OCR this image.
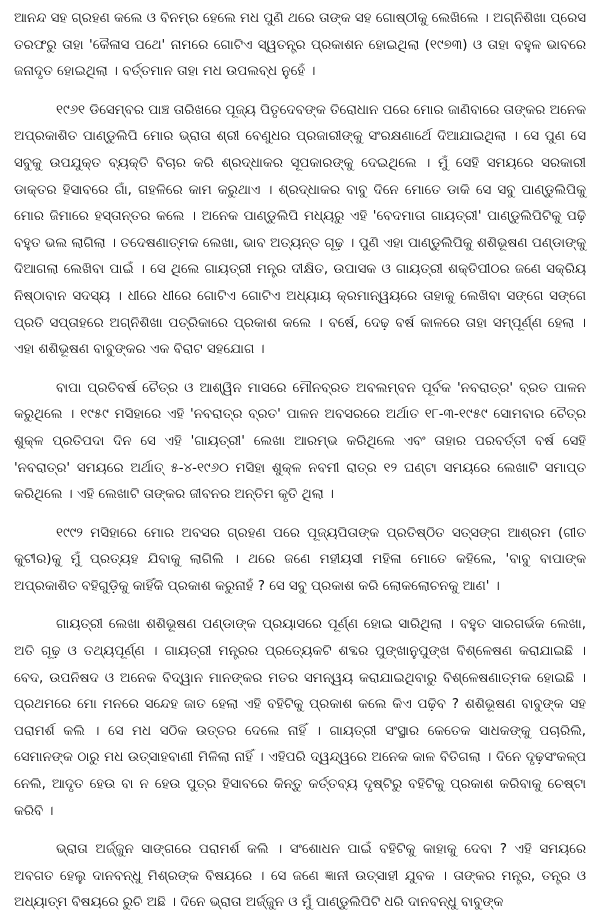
ଆନନ୍ଦ ସହ ଗ୍ରହଣ କଲେ ଓ ବିନମ୍ର ହେଲେ ମଧ ପୁଣି ଥରେ ତାଙ୍କ ସହ ଗୋଷ୍ଠୀକୁ ଲେଖିଲେ । ଅଗ୍ନିଶିଖା ପ୍ରେସ ତରଫରୁ ତାହା 'କୈଳାସ ପଥେ' ନାମରେ ଗୋଟିଏ ସ୍ୱତନ୍ତ୍ର ପ୍ରକାଶନ ହୋଇଥିଲା (୧୯୭୩) ଓ ତାହା ବହୁଳ ଭାବରେ ଜନାଦୃତ ହୋଇଥିଲା । ବର୍ତ୍ତମାନ ତାହା ମଧ ଉପଲବ୍ଧ ନୁହେଁ ।

୧୯୬୧ ଡିସେମ୍ବର ପାଞ୍ଚ ତାରିଖରେ ପୂଜ୍ୟ ପିତୃଦେବଙ୍କ ତିରୋଧାନ ପରେ ମୋର ଜାଣିବାରେ ତାଙ୍କର ଅନେକ ଅପ୍ରକାଶିତ ପାଣ୍ଡୁଲିପି ମୋର ଭ୍ରାତା ଶ୍ରୀ ବେଣୁଧର ପ୍ରଜାରୀଙ୍କୁ ସଂରକ୍ଷଣାର୍ଥେ ଦିଆଯାଇଥିଲା । ସେ ପୁଣ ସେ ସବୁକୁ ଉପଯୁକ୍ତ ବ୍ୟକ୍ତି ବିଚାର କରି ଶ୍ରଦ୍ଧାକର ସୂପକାରଙ୍କୁ ଦେଇଥିଲେ । ମୁଁ ସେହି ସମୟରେ ସରକାରୀ ଡାକ୍ତର ହିସାବରେ ଗାଁ, ଗହଳିରେ କାମ କରୁଥାଏ । ଶ୍ରଦ୍ଧାକର ବାବୁ ଦିନେ ମୋତେ ଡାକି ସେ ସବୁ ପାଣ୍ଡୁଲିପିକୁ ମୋର ଜିମାରେ ହସ୍ତାନ୍ତର କଲେ । ଅନେକ ପାଣ୍ଡୁଲିପି ମଧ୍ୟରୁ ଏହି 'ବେଦମାତା ଗାୟତ୍ରୀ' ପାଣ୍ଡୁଲିପିଟିକୁ ପଢ଼ି ବହୁତ ଭଲ ଲାଗିଲା । ତଦେଷଣାତ୍ମକ ଲେଖା, ଭାବ ଅତ୍ୟନ୍ତ ଗୂଢ଼ । ପୁଣି ଏହା ପାଣ୍ଡୁଲିପିକୁ ଶଶିଭୂଷଣ ପଣ୍ଡାଙ୍କୁ ଦିଆଗଲା ଲେଖିବା ପାଇଁ । ସେ ଥିଲେ ଗାୟତ୍ରୀ ମନ୍ତ୍ର ଦୀକ୍ଷିତ, ଉପାସକ ଓ ଗାୟତ୍ରୀ ଶକ୍ତିପୀଠର ଜଣେ ସକ୍ରିୟ ନିଷ୍ଠାବାନ ସଦସ୍ୟ । ଧୀରେ ଧୀରେ ଗୋଟିଏ ଗୋଟିଏ ଅଧ୍ୟାୟ କ୍ରମାନ୍ୱୟରେ ତାହାକୁ ଲେଖିବା ସଙ୍ଗେ ସଙ୍ଗେ ପ୍ରତି ସପ୍ତାହରେ ଅଗ୍ନିଶିଖା ପତ୍ରିକାରେ ପ୍ରକାଶ କଲେ । ବର୍ଷେ, ଦେଢ଼ ବର୍ଷ କାଳରେ ତାହା ସମ୍ପୂର୍ଣ୍ଣ ହେଲା । ଏହା ଶଶିଭୂଷଣ ବାବୁଙ୍କର ଏକ ବିରାଟ ସହଯୋଗ ।

ବାପା ପ୍ରତିବର୍ଷ ଚୈତ୍ର ଓ ଆଶ୍ୱିନ ମାସରେ ମୌନବ୍ରତ ଅବଲମ୍ବନ ପୂର୍ବକ 'ନବରାତ୍ର' ବ୍ରତ ପାଳନ କରୁଥିଲେ । ୧୯୫୯ ମସିହାରେ ଏହି 'ନବରାତ୍ର ବ୍ରତ' ପାଳନ ଅବସରରେ ଅର୍ଥାତ ୧୮-୩-୧୯୫୯ ସୋମବାର ଚୈତ୍ର ଶୁକ୍ଳ ପ୍ରତିପଦା ଦିନ ସେ ଏହି 'ଗାୟତ୍ରୀ' ଲେଖା ଆରମ୍ଭ କରିଥିଲେ ଏବଂ ତାହାର ପରବର୍ତ୍ତୀ ବର୍ଷ ସେହି 'ନବରାତ୍ର' ସମୟରେ ଅର୍ଥାତ୍ ୫-୪-୧୯୬୦ ମସିହା ଶୁକ୍ଳ ନବମୀ ରାତ୍ର ୧୨ ଘଣ୍ଟା ସମୟରେ ଲେଖାଟି ସମାପ୍ତ କରିଥିଲେ । ଏହି ଲେଖାଟି ତାଙ୍କର ଜୀବନର ଅନ୍ତିମ କୃତି ଥିଲା ।

୧୯୯୨ ମସିହାରେ ମୋର ଅବସର ଗ୍ରହଣ ପରେ ପୂଜ୍ୟପିତାଙ୍କ ପ୍ରତିଷ୍ଠିତ ସତ୍‌ସଙ୍ଗ ଆଶ୍ରମ (ଗୀତ କୁଟୀର)କୁ ମୁଁ ପ୍ରତ୍ୟହ ଯିବାକୁ ଲାଗିଲି । ଥରେ ଜଣେ ମହୀୟସୀ ମହିଳା ମୋତେ କହିଲେ, 'ବାବୁ ବାପାଙ୍କ ଅପ୍ରକାଶିତ ବହିଗୁଡ଼ିକୁ କାହିଁକି ପ୍ରକାଶ କରୁନାହଁ ? ସେ ସବୁ ପ୍ରକାଶ କରି ଲୋକଲୋଚନକୁ ଆଣ' ।

ଗାୟତ୍ରୀ ଲେଖା ଶଶିଭୂଷଣ ପଣ୍ଡାଙ୍କ ପ୍ରୟାସରେ ପୂର୍ଣ୍ଣ ହୋଇ ସାରିଥିଲା । ବହୁତ ସାରଗର୍ଭକ ଲେଖା, ଅତି ଗୂଢ଼ ଓ ତଥ୍ୟପୂର୍ଣ୍ଣ । ଗାୟତ୍ରୀ ମନ୍ତ୍ରର ପ୍ରତ୍ୟେକଟି ଶବ୍ଦର ପୁଙ୍ଖାନୁପୁଙ୍ଖ ବିଶ୍ଳେଷଣ କରାଯାଇଛି । ବେଦ, ଉପନିଷଦ ଓ ଅନେକ ବିଦ୍ୱାନ ମାନଙ୍କର ମତର ସମନ୍ୱୟ କରାଯାଇଥିବାରୁ ବିଶ୍ଳେଷଣାତ୍ମକ ହୋଇଛି । ପ୍ରଥମରେ ମୋ ମନରେ ସନ୍ଦେହ ଜାତ ହେଲା ଏହି ବହିଟିକୁ ପ୍ରକାଶ କଲେ କିଏ ପଢ଼ିବ ? ଶଶିଭୂଷଣ ବାବୁଙ୍କ ସହ ପରାମର୍ଶ କଲି । ସେ ମଧ ସଠିକ ଉତ୍ତର ଦେଲେ ନାହିଁ । ଗାୟତ୍ରୀ ସଂସ୍ଥାର କେତେକ ସାଧକଙ୍କୁ ପଚାରିଲି, ସେମାନଙ୍କ ଠାରୁ ମଧ ଉତ୍ସାହବାଣୀ ମିଳିଲା ନାହିଁ । ଏହିପରି ଦ୍ୱନ୍ଦ୍ୱରେ ଅନେକ କାଳ ବିତିଗଲା । ଦିନେ ଦୃଢ଼ସଂକଳ୍ପ ନେଲି, ଆଦୃତ ହେଉ ବା ନ ହେଉ ପୁତ୍ର ହିସାବରେ କିନ୍ତୁ କର୍ତ୍ତବ୍ୟ ଦୃଷ୍ଟିରୁ ବହିଟିକୁ ପ୍ରକାଶ କରିବାକୁ ଚେଷ୍ଟା କରିବି ।

ଭ୍ରାତା ଅର୍ଜ୍ଜୁନ ସାଙ୍ଗରେ ପରାମର୍ଶ କଲି । ସଂଶୋଧନ ପାଇଁ ବହିଟିକୁ କାହାକୁ ଦେବା ? ଏହି ସମୟରେ ଅବଗତ ହେଲୁ ଦାନବନ୍ଧୁ ମିଶ୍ରଙ୍କ ବିଷୟରେ । ସେ ଜଣେ ଜ୍ଞାନୀ ଉତ୍ସାହୀ ଯୁବକ । ତାଙ୍କର ମନ୍ତ୍ର, ତନ୍ତ୍ର ଓ ଅଧ୍ୟାତ୍ମ ବିଷୟରେ ରୁଚି ଅଛି । ଦିନେ ଭ୍ରାତା ଅର୍ଜ୍ଜୁନ ଓ ମୁଁ ପାଣ୍ଡୁଲିପିଟି ଧରି ଦାନବନ୍ଧୁ ବାବୁଙ୍କ
